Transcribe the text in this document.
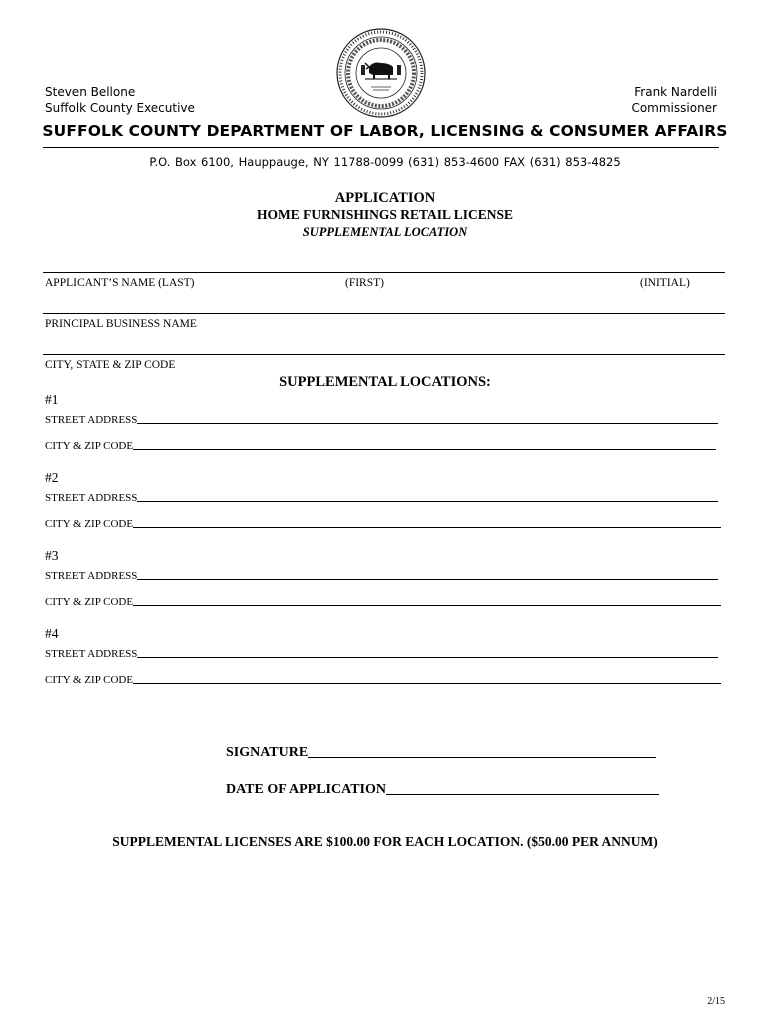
Steven Bellone
Suffolk County Executive
Frank Nardelli
Commissioner
SUFFOLK COUNTY DEPARTMENT OF LABOR, LICENSING & CONSUMER AFFAIRS
P.O. Box 6100, Hauppauge, NY 11788-0099 (631) 853-4600 FAX (631) 853-4825
APPLICATION
HOME FURNISHINGS RETAIL LICENSE
SUPPLEMENTAL LOCATION
APPLICANT’S NAME (LAST)	(FIRST)	(INITIAL)
PRINCIPAL BUSINESS NAME
CITY, STATE & ZIP CODE
SUPPLEMENTAL LOCATIONS:
#1
STREET ADDRESS
CITY & ZIP CODE
#2
STREET ADDRESS
CITY & ZIP CODE
#3
STREET ADDRESS
CITY & ZIP CODE
#4
STREET ADDRESS
CITY & ZIP CODE
SIGNATURE
DATE OF APPLICATION
SUPPLEMENTAL LICENSES ARE $100.00 FOR EACH LOCATION. ($50.00 PER ANNUM)
2/15
